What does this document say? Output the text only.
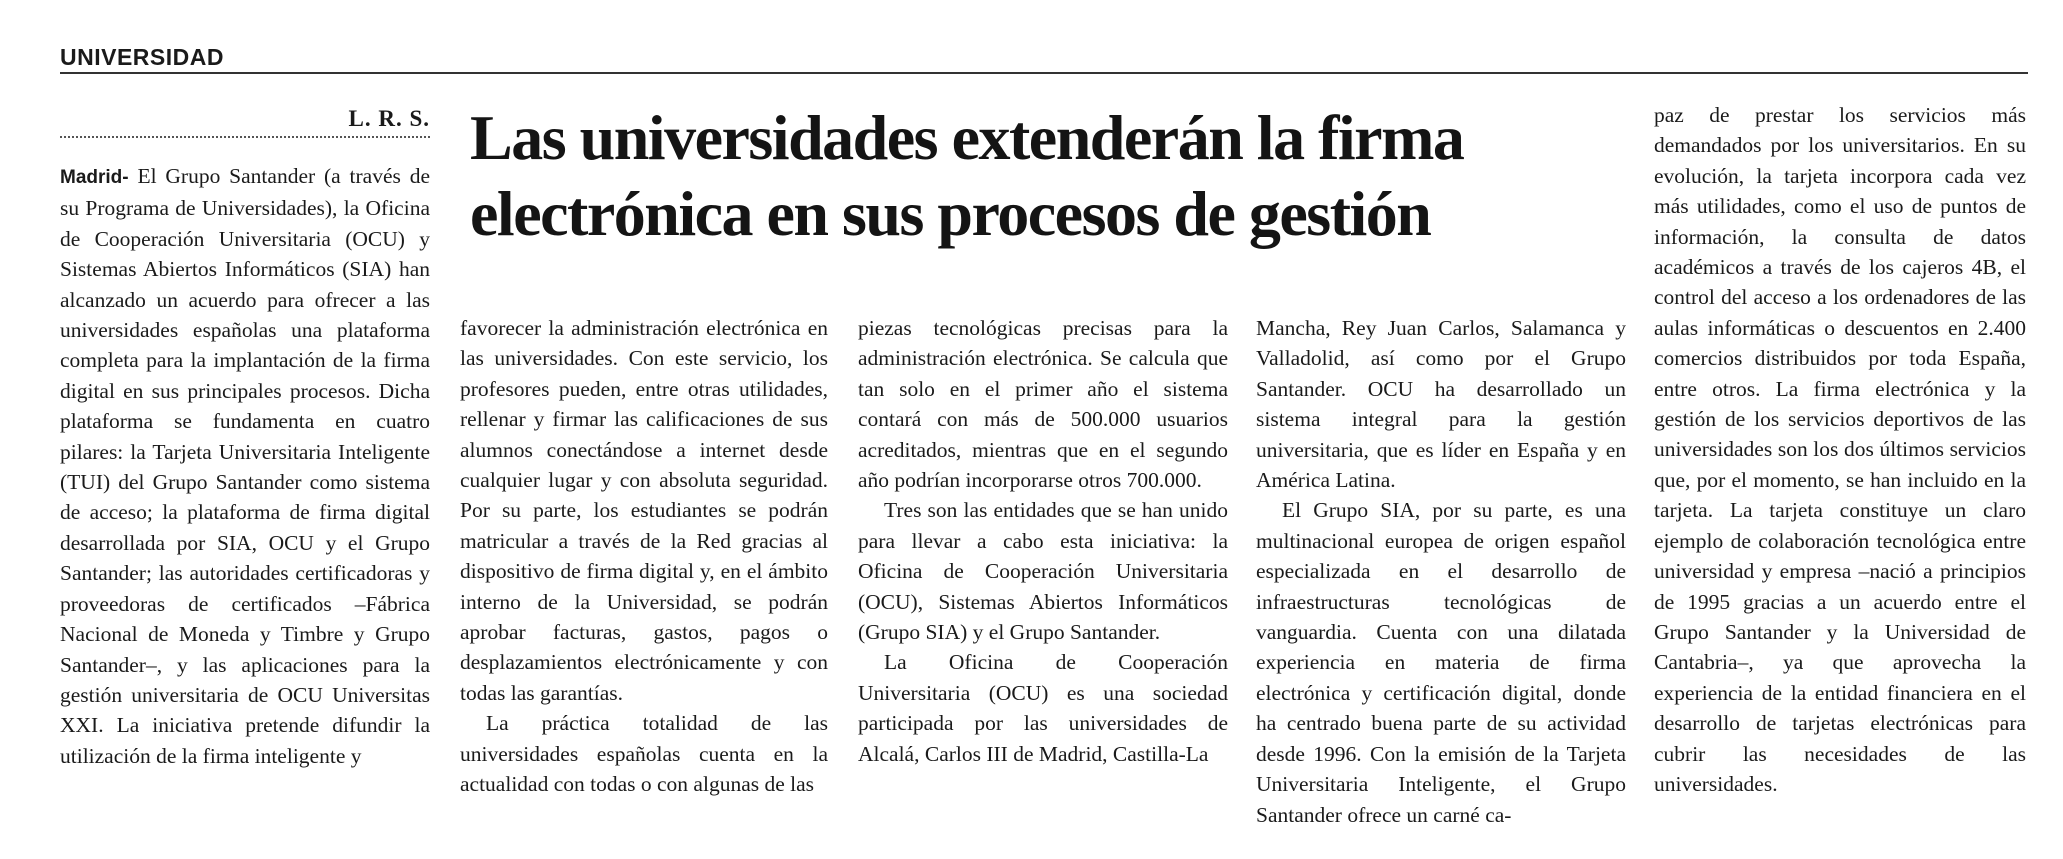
UNIVERSIDAD
L. R. S. Las universidades extenderán la firma electrónica en sus procesos de gestión

Madrid- El Grupo Santander (a través de su Programa de Universidades), la Oficina de Cooperación Universitaria (OCU) y Sistemas Abiertos Informáticos (SIA) han alcanzado un acuerdo para ofrecer a las universidades españolas una plataforma completa para la implantación de la firma digital en sus principales procesos. Dicha plataforma se fundamenta en cuatro pilares: la Tarjeta Universitaria Inteligente (TUI) del Grupo Santander como sistema de acceso; la plataforma de firma digital desarrollada por SIA, OCU y el Grupo Santander; las autoridades certificadoras y proveedoras de certificados –Fábrica Nacional de Moneda y Timbre y Grupo Santander–, y las aplicaciones para la gestión universitaria de OCU Universitas XXI. La iniciativa pretende difundir la utilización de la firma inteligente y

favorecer la administración electrónica en las universidades. Con este servicio, los profesores pueden, entre otras utilidades, rellenar y firmar las calificaciones de sus alumnos conectándose a internet desde cualquier lugar y con absoluta seguridad. Por su parte, los estudiantes se podrán matricular a través de la Red gracias al dispositivo de firma digital y, en el ámbito interno de la Universidad, se podrán aprobar facturas, gastos, pagos o desplazamientos electrónicamente y con todas las garantías.

La práctica totalidad de las universidades españolas cuenta en la actualidad con todas o con algunas de las

piezas tecnológicas precisas para la administración electrónica. Se calcula que tan solo en el primer año el sistema contará con más de 500.000 usuarios acreditados, mientras que en el segundo año podrían incorporarse otros 700.000.

Tres son las entidades que se han unido para llevar a cabo esta iniciativa: la Oficina de Cooperación Universitaria (OCU), Sistemas Abiertos Informáticos (Grupo SIA) y el Grupo Santander.

La Oficina de Cooperación Universitaria (OCU) es una sociedad participada por las universidades de Alcalá, Carlos III de Madrid, Castilla-La

Mancha, Rey Juan Carlos, Salamanca y Valladolid, así como por el Grupo Santander. OCU ha desarrollado un sistema integral para la gestión universitaria, que es líder en España y en América Latina.

El Grupo SIA, por su parte, es una multinacional europea de origen español especializada en el desarrollo de infraestructuras tecnológicas de vanguardia. Cuenta con una dilatada experiencia en materia de firma electrónica y certificación digital, donde ha centrado buena parte de su actividad desde 1996. Con la emisión de la Tarjeta Universitaria Inteligente, el Grupo Santander ofrece un carné ca-

paz de prestar los servicios más demandados por los universitarios. En su evolución, la tarjeta incorpora cada vez más utilidades, como el uso de puntos de información, la consulta de datos académicos a través de los cajeros 4B, el control del acceso a los ordenadores de las aulas informáticas o descuentos en 2.400 comercios distribuidos por toda España, entre otros. La firma electrónica y la gestión de los servicios deportivos de las universidades son los dos últimos servicios que, por el momento, se han incluido en la tarjeta. La tarjeta constituye un claro ejemplo de colaboración tecnológica entre universidad y empresa –nació a principios de 1995 gracias a un acuerdo entre el Grupo Santander y la Universidad de Cantabria–, ya que aprovecha la experiencia de la entidad financiera en el desarrollo de tarjetas electrónicas para cubrir las necesidades de las universidades.
